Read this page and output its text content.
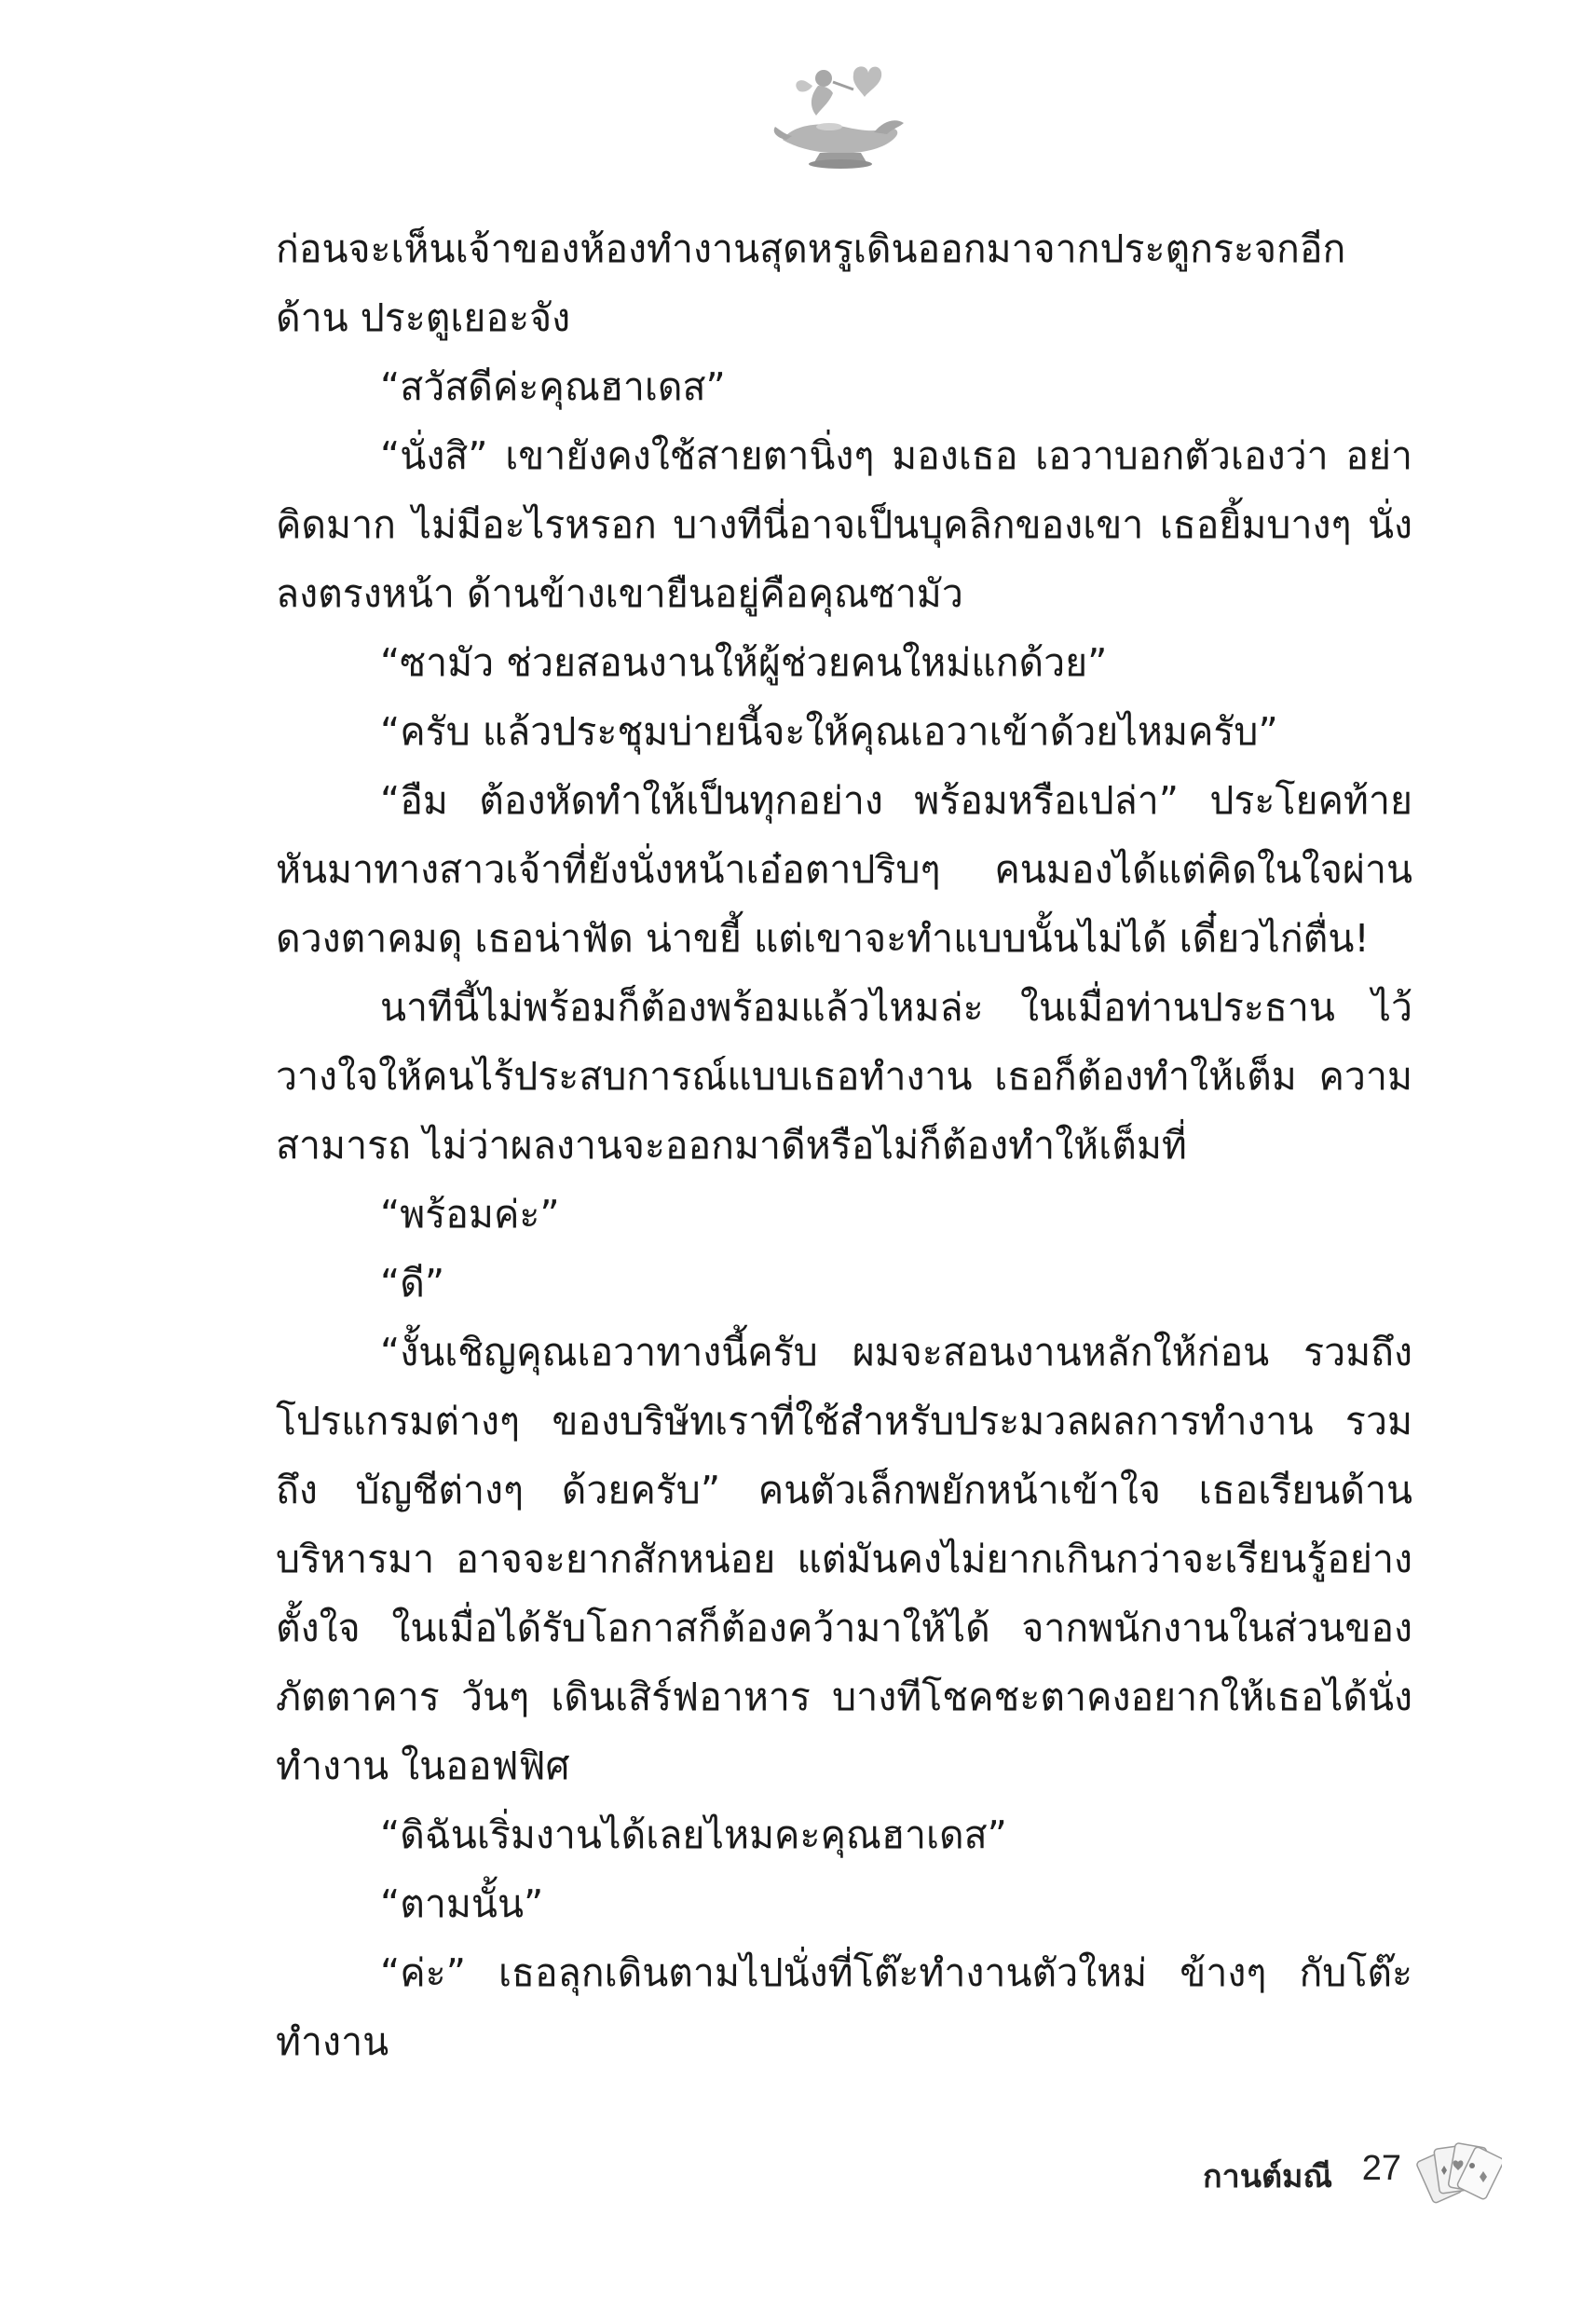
ก่อนจะเห็นเจ้าของห้องทำงานสุดหรูเดินออกมาจากประตูกระจกอีกด้าน ประตูเยอะจัง

“สวัสดีค่ะคุณฮาเดส”

“นั่งสิ” เขายังคงใช้สายตานิ่งๆ มองเธอ เอวาบอกตัวเองว่า อย่าคิดมาก ไม่มีอะไรหรอก บางทีนี่อาจเป็นบุคลิกของเขา เธอยิ้มบางๆ นั่งลงตรงหน้า ด้านข้างเขายืนอยู่คือคุณซามัว

“ซามัว ช่วยสอนงานให้ผู้ช่วยคนใหม่แกด้วย”

“ครับ แล้วประชุมบ่ายนี้จะให้คุณเอวาเข้าด้วยไหมครับ”

“อืม ต้องหัดทำให้เป็นทุกอย่าง พร้อมหรือเปล่า” ประโยคท้าย หันมาทางสาวเจ้าที่ยังนั่งหน้าเอ๋อตาปริบๆ คนมองได้แต่คิดในใจผ่าน ดวงตาคมดุ เธอน่าฟัด น่าขยี้ แต่เขาจะทำแบบนั้นไม่ได้ เดี๋ยวไก่ตื่น!

นาทีนี้ไม่พร้อมก็ต้องพร้อมแล้วไหมล่ะ ในเมื่อท่านประธาน ไว้วางใจให้คนไร้ประสบการณ์แบบเธอทำงาน เธอก็ต้องทำให้เต็ม ความสามารถ ไม่ว่าผลงานจะออกมาดีหรือไม่ก็ต้องทำให้เต็มที่

“พร้อมค่ะ”

“ดี”

“งั้นเชิญคุณเอวาทางนี้ครับ ผมจะสอนงานหลักให้ก่อน รวมถึง โปรแกรมต่างๆ ของบริษัทเราที่ใช้สำหรับประมวลผลการทำงาน รวมถึง บัญชีต่างๆ ด้วยครับ” คนตัวเล็กพยักหน้าเข้าใจ เธอเรียนด้านบริหารมา อาจจะยากสักหน่อย แต่มันคงไม่ยากเกินกว่าจะเรียนรู้อย่างตั้งใจ ในเมื่อได้รับโอกาสก็ต้องคว้ามาให้ได้ จากพนักงานในส่วนของภัตตาคาร วันๆ เดินเสิร์ฟอาหาร บางทีโชคชะตาคงอยากให้เธอได้นั่งทำงาน ในออฟฟิศ

“ดิฉันเริ่มงานได้เลยไหมคะคุณฮาเดส”

“ตามนั้น”

“ค่ะ” เธอลุกเดินตามไปนั่งที่โต๊ะทำงานตัวใหม่ ข้างๆ กับโต๊ะทำงาน

กานต์มณี 27
